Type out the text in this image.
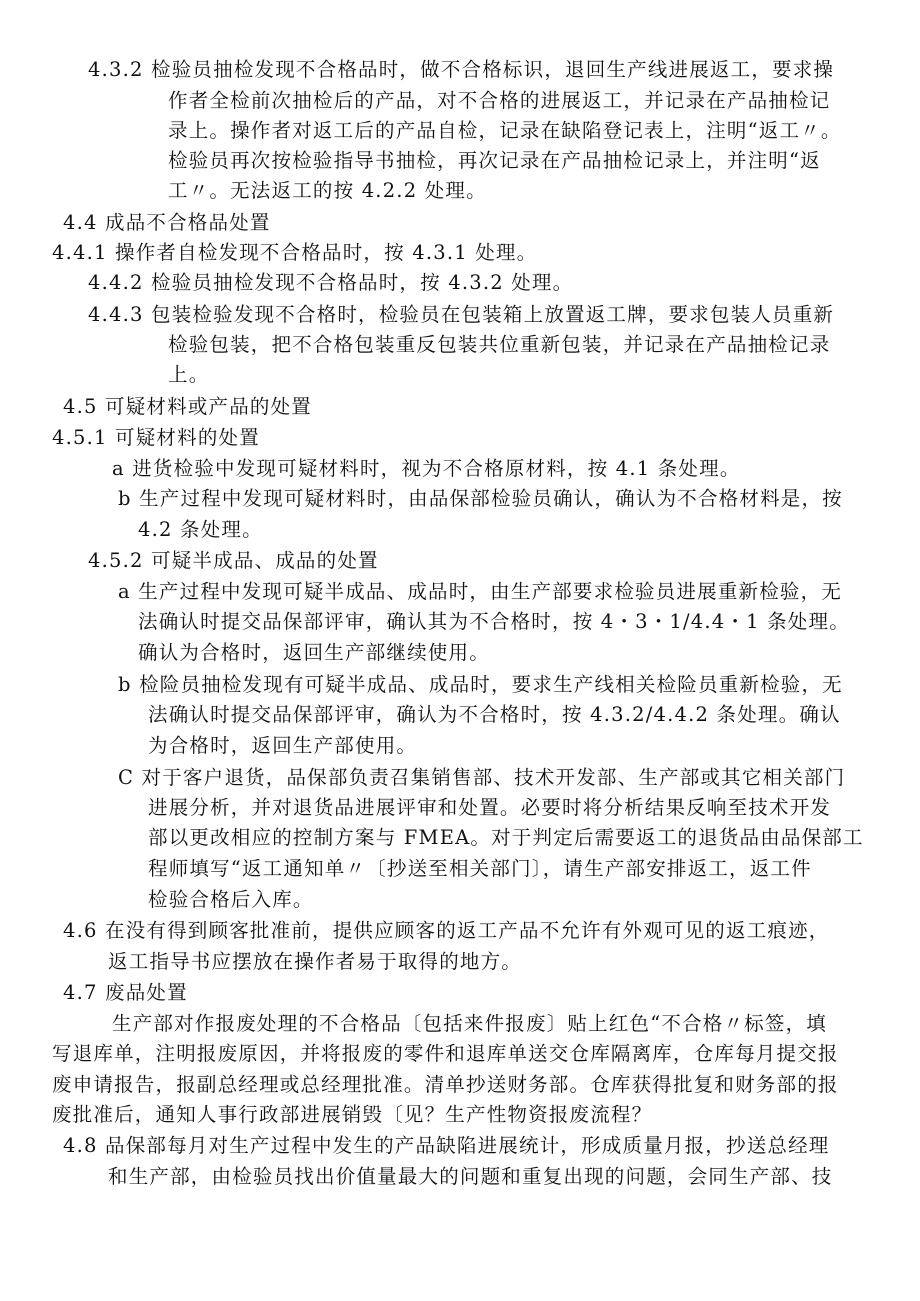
4.3.2 检验员抽检发现不合格品时，做不合格标识，退回生产线进展返工，要求操

作者全检前次抽检后的产品，对不合格的进展返工，并记录在产品抽检记

录上。操作者对返工后的产品自检，记录在缺陷登记表上，注明“返工〃。

检验员再次按检验指导书抽检，再次记录在产品抽检记录上，并注明“返

工〃。无法返工的按 4.2.2 处理。

4.4 成品不合格品处置

4.4.1 操作者自检发现不合格品时，按 4.3.1 处理。

4.4.2 检验员抽检发现不合格品时，按 4.3.2 处理。

4.4.3 包装检验发现不合格时，检验员在包装箱上放置返工牌，要求包装人员重新

检验包装，把不合格包装重反包装共位重新包装，并记录在产品抽检记录

上。

4.5 可疑材料或产品的处置

4.5.1 可疑材料的处置

a 进货检验中发现可疑材料时，视为不合格原材料，按 4.1 条处理。

b 生产过程中发现可疑材料时，由品保部检验员确认，确认为不合格材料是，按

4.2 条处理。

4.5.2 可疑半成品、成品的处置

a 生产过程中发现可疑半成品、成品时，由生产部要求检验员进展重新检验，无

法确认时提交品保部评审，确认其为不合格时，按 4・3・1/4.4・1 条处理。

确认为合格时，返回生产部继续使用。

b 检险员抽检发现有可疑半成品、成品时，要求生产线相关检险员重新检验，无

法确认时提交品保部评审，确认为不合格时，按 4.3.2/4.4.2 条处理。确认

为合格时，返回生产部使用。

C 对于客户退货，品保部负责召集销售部、技术开发部、生产部或其它相关部门

进展分析，并对退货品进展评审和处置。必要时将分析结果反响至技术开发

部以更改相应的控制方案与 FMEA。对于判定后需要返工的退货品由品保部工

程师填写“返工通知单〃〔抄送至相关部门〕，请生产部安排返工，返工件

检验合格后入库。

4.6 在没有得到顾客批准前，提供应顾客的返工产品不允许有外观可见的返工痕迹，

返工指导书应摆放在操作者易于取得的地方。

4.7 废品处置

生产部对作报废处理的不合格品〔包括来件报废〕贴上红色“不合格〃标签，填

写退库单，注明报废原因，并将报废的零件和退库单送交仓库隔离库，仓库每月提交报

废申请报告，报副总经理或总经理批准。清单抄送财务部。仓库获得批复和财务部的报

废批准后，通知人事行政部进展销毁〔见？生产性物资报废流程？

4.8 品保部每月对生产过程中发生的产品缺陷进展统计，形成质量月报，抄送总经理

和生产部，由检验员找出价值量最大的问题和重复出现的问题，会同生产部、技
